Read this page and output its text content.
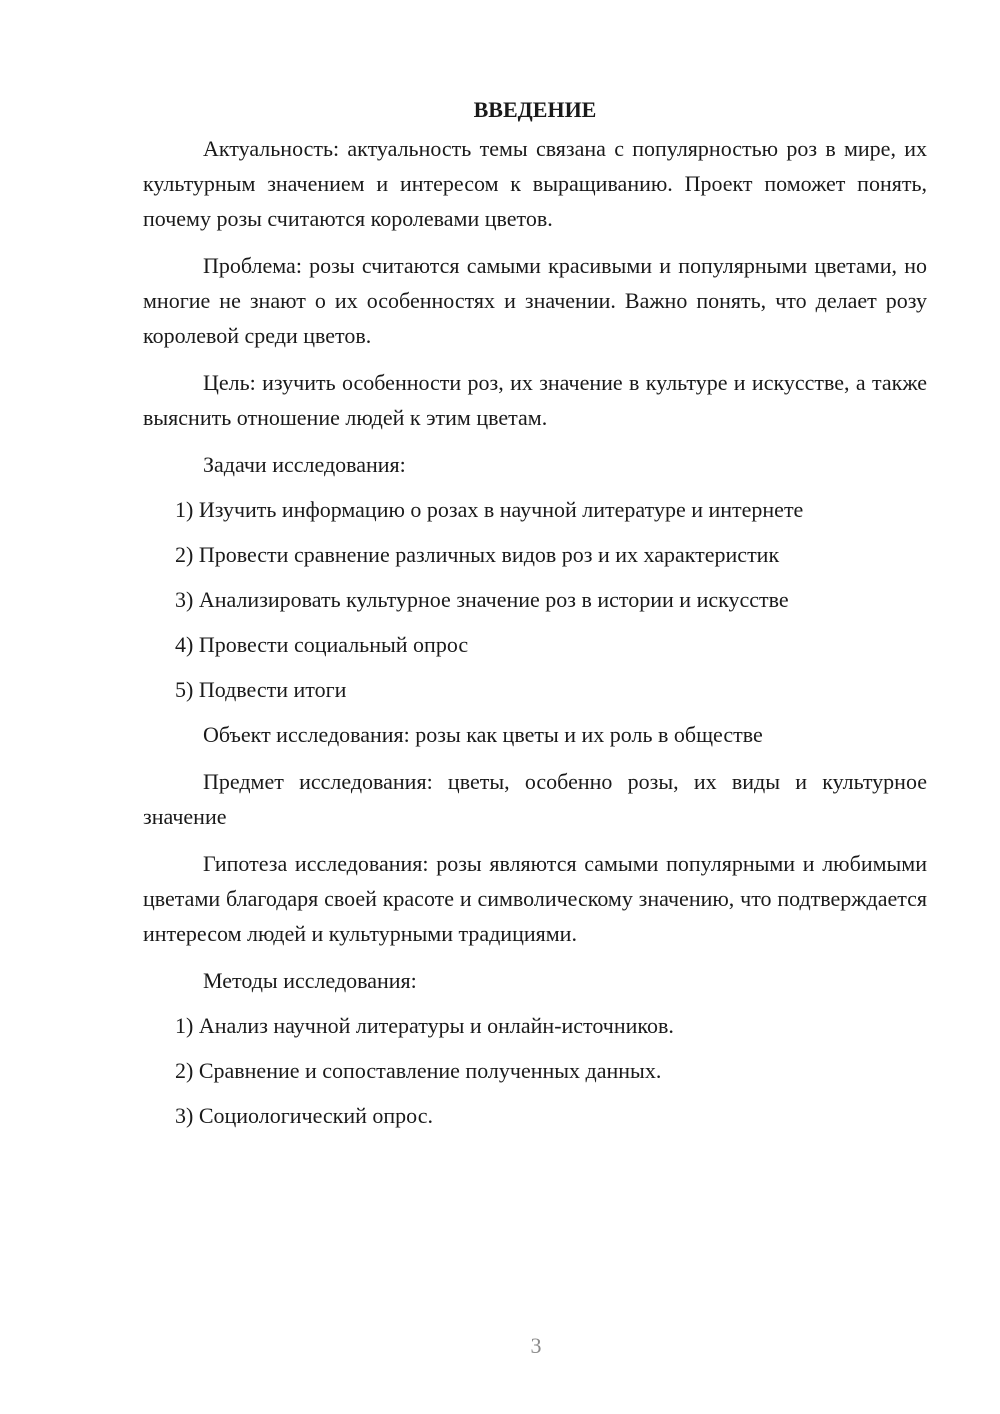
ВВЕДЕНИЕ

Актуальность: актуальность темы связана с популярностью роз в мире, их культурным значением и интересом к выращиванию. Проект поможет понять, почему розы считаются королевами цветов.

Проблема: розы считаются самыми красивыми и популярными цветами, но многие не знают о их особенностях и значении. Важно понять, что делает розу королевой среди цветов.

Цель: изучить особенности роз, их значение в культуре и искусстве, а также выяснить отношение людей к этим цветам.

Задачи исследования:
1) Изучить информацию о розах в научной литературе и интернете
2) Провести сравнение различных видов роз и их характеристик
3) Анализировать культурное значение роз в истории и искусстве
4) Провести социальный опрос
5) Подвести итоги

Объект исследования: розы как цветы и их роль в обществе

Предмет исследования: цветы, особенно розы, их виды и культурное значение

Гипотеза исследования: розы являются самыми популярными и любимыми цветами благодаря своей красоте и символическому значению, что подтверждается интересом людей и культурными традициями.

Методы исследования:
1) Анализ научной литературы и онлайн-источников.
2) Сравнение и сопоставление полученных данных.
3) Социологический опрос.
3
